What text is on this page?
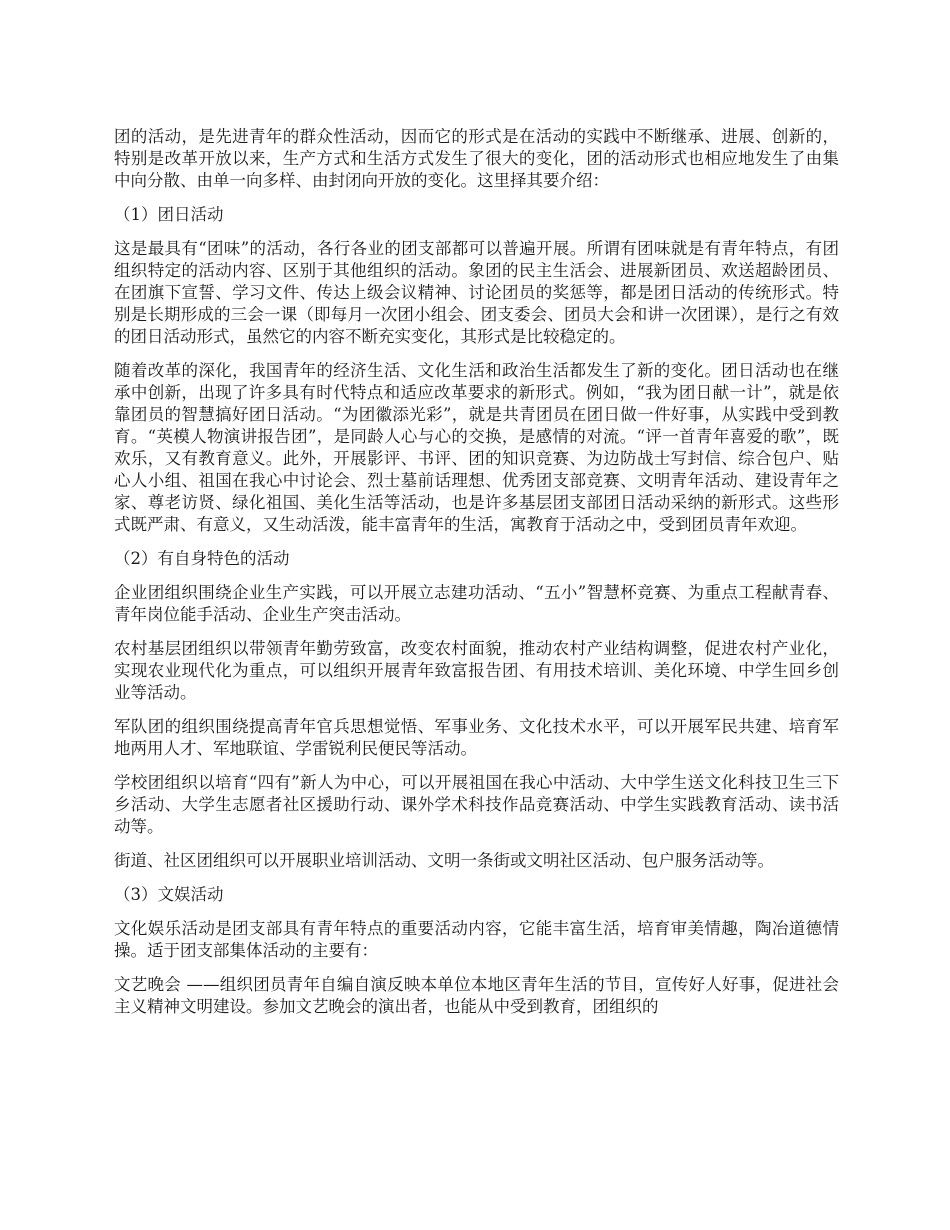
团的活动，是先进青年的群众性活动，因而它的形式是在活动的实践中不断继承、进展、创新的，特别是改革开放以来，生产方式和生活方式发生了很大的变化，团的活动形式也相应地发生了由集中向分散、由单一向多样、由封闭向开放的变化。这里择其要介绍：

（1）团日活动

这是最具有“团味”的活动，各行各业的团支部都可以普遍开展。所谓有团味就是有青年特点，有团组织特定的活动内容、区别于其他组织的活动。象团的民主生活会、进展新团员、欢送超龄团员、在团旗下宣誓、学习文件、传达上级会议精神、讨论团员的奖惩等，都是团日活动的传统形式。特别是长期形成的三会一课（即每月一次团小组会、团支委会、团员大会和讲一次团课），是行之有效的团日活动形式，虽然它的内容不断充实变化，其形式是比较稳定的。

随着改革的深化，我国青年的经济生活、文化生活和政治生活都发生了新的变化。团日活动也在继承中创新，出现了许多具有时代特点和适应改革要求的新形式。例如，“我为团日献一计”，就是依靠团员的智慧搞好团日活动。“为团徽添光彩”，就是共青团员在团日做一件好事，从实践中受到教育。“英模人物演讲报告团”，是同龄人心与心的交换，是感情的对流。“评一首青年喜爱的歌”，既欢乐，又有教育意义。此外，开展影评、书评、团的知识竞赛、为边防战士写封信、综合包户、贴心人小组、祖国在我心中讨论会、烈士墓前话理想、优秀团支部竞赛、文明青年活动、建设青年之家、尊老访贤、绿化祖国、美化生活等活动，也是许多基层团支部团日活动采纳的新形式。这些形式既严肃、有意义，又生动活泼，能丰富青年的生活，寓教育于活动之中，受到团员青年欢迎。

（2）有自身特色的活动

企业团组织围绕企业生产实践，可以开展立志建功活动、“五小”智慧杯竞赛、为重点工程献青春、青年岗位能手活动、企业生产突击活动。

农村基层团组织以带领青年勤劳致富，改变农村面貌，推动农村产业结构调整，促进农村产业化，实现农业现代化为重点，可以组织开展青年致富报告团、有用技术培训、美化环境、中学生回乡创业等活动。

军队团的组织围绕提高青年官兵思想觉悟、军事业务、文化技术水平，可以开展军民共建、培育军地两用人才、军地联谊、学雷锐利民便民等活动。

学校团组织以培育“四有”新人为中心，可以开展祖国在我心中活动、大中学生送文化科技卫生三下乡活动、大学生志愿者社区援助行动、课外学术科技作品竞赛活动、中学生实践教育活动、读书活动等。

街道、社区团组织可以开展职业培训活动、文明一条街或文明社区活动、包户服务活动等。

（3）文娱活动

文化娱乐活动是团支部具有青年特点的重要活动内容，它能丰富生活，培育审美情趣，陶冶道德情操。适于团支部集体活动的主要有：

文艺晚会 ——组织团员青年自编自演反映本单位本地区青年生活的节目，宣传好人好事，促进社会主义精神文明建设。参加文艺晚会的演出者，也能从中受到教育，团组织的
